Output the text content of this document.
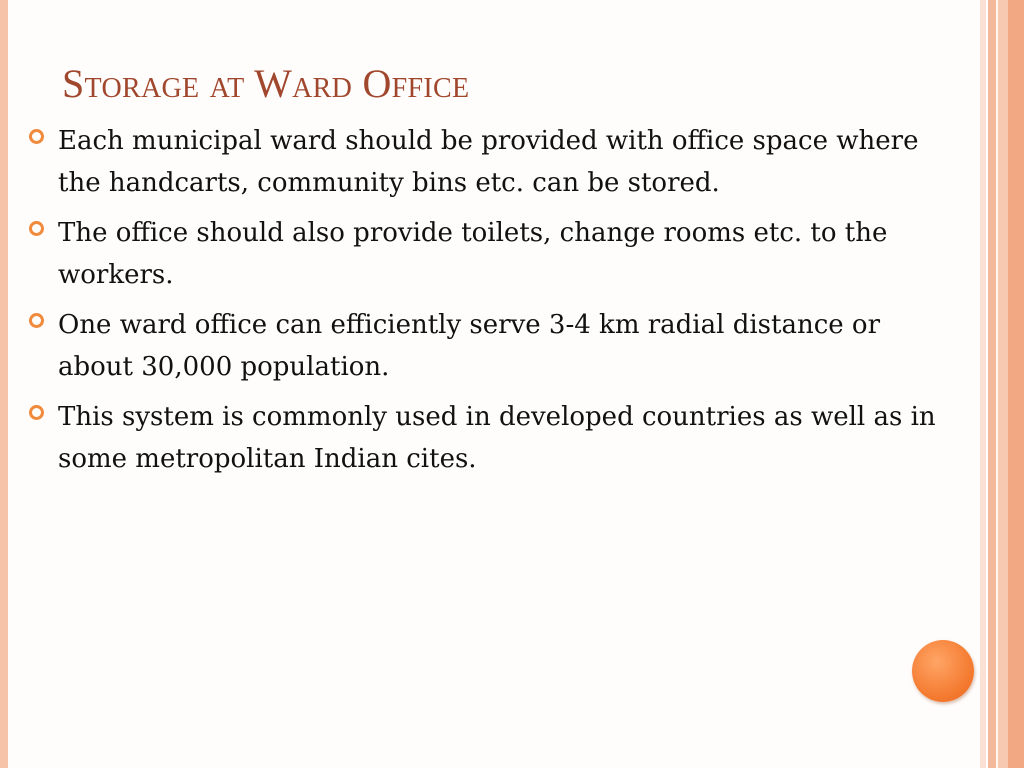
Storage at Ward Office
Each municipal ward should be provided with office space where the handcarts, community bins etc. can be stored.
The office should also provide toilets, change rooms etc. to the workers.
One ward office can efficiently serve 3-4 km radial distance or about 30,000 population.
This system is commonly used in developed countries as well as in some metropolitan Indian cites.
